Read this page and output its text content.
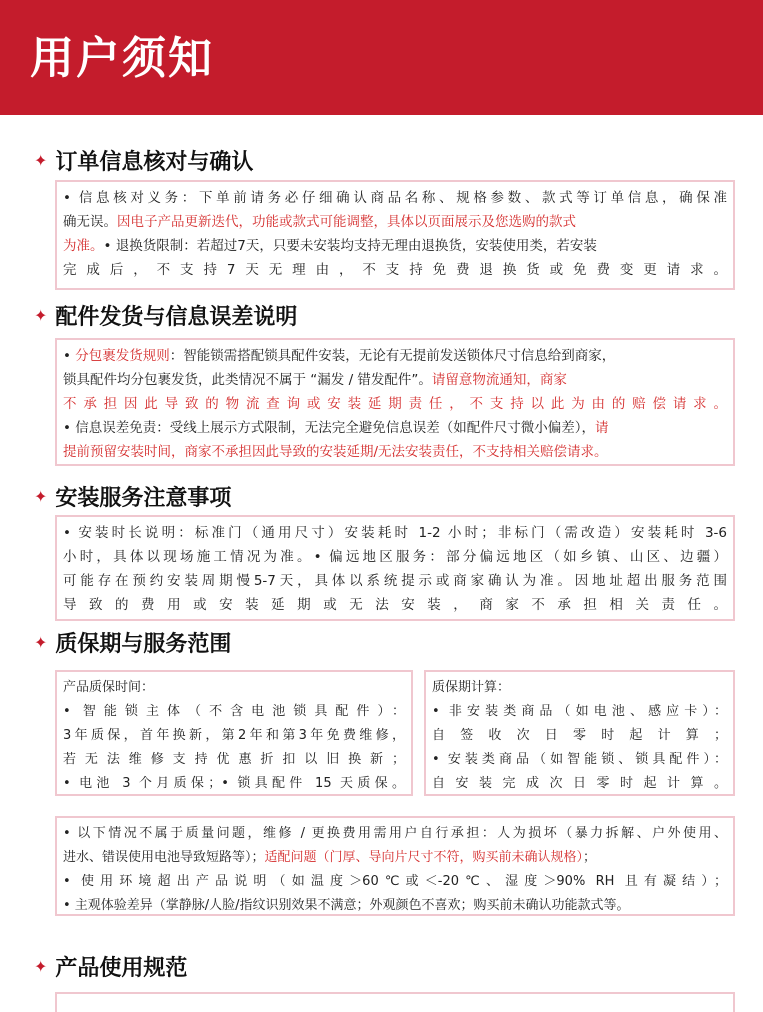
用户须知
✦ 订单信息核对与确认

• 信息核对义务：下单前请务必仔细确认商品名称、规格参数、款式等订单信息，确保准

确无误。因电子产品更新迭代，功能或款式可能调整，具体以页面展示及您选购的款式

为准。• 退换货限制：若超过7天，只要未安装均支持无理由退换货，安装使用类，若安装

完成后，不支持7天无理由，不支持免费退换货或免费变更请求。

✦ 配件发货与信息误差说明

• 分包裹发货规则：智能锁需搭配锁具配件安装，无论有无提前发送锁体尺寸信息给到商家，

锁具配件均分包裹发货，此类情况不属于 “漏发 / 错发配件”。请留意物流通知，商家

不承担因此导致的物流查询或安装延期责任，不支持以此为由的赔偿请求。

• 信息误差免责：受线上展示方式限制，无法完全避免信息误差（如配件尺寸微小偏差），请

提前预留安装时间，商家不承担因此导致的安装延期/无法安装责任，不支持相关赔偿请求。

✦ 安装服务注意事项

• 安装时长说明：标准门（通用尺寸）安装耗时 1-2 小时；非标门（需改造）安装耗时 3-6

小时，具体以现场施工情况为准。• 偏远地区服务：部分偏远地区（如乡镇、山区、边疆）

可能存在预约安装周期慢5-7天，具体以系统提示或商家确认为准。因地址超出服务范围

导致的费用或安装延期或无法安装，商家不承担相关责任。

✦ 质保期与服务范围

产品质保时间：

• 智能锁主体（不含电池锁具配件）：

3年质保，首年换新，第2年和第3年免费维修，

若无法维修支持优惠折扣以旧换新；

• 电池 3 个月质保；• 锁具配件 15 天质保。

质保期计算：

• 非安装类商品（如电池、感应卡）：

自签收次日零时起计算；

• 安装类商品（如智能锁、锁具配件）：

自安装完成次日零时起计算。

• 以下情况不属于质量问题，维修 / 更换费用需用户自行承担：人为损坏（暴力拆解、户外使用、

进水、错误使用电池导致短路等）；适配问题（门厚、导向片尺寸不符，购买前未确认规格）；

• 使用环境超出产品说明（如温度＞60℃或＜-20℃、湿度＞90% RH 且有凝结）；

• 主观体验差异（掌静脉/人脸/指纹识别效果不满意；外观颜色不喜欢；购买前未确认功能款式等。

✦ 产品使用规范
